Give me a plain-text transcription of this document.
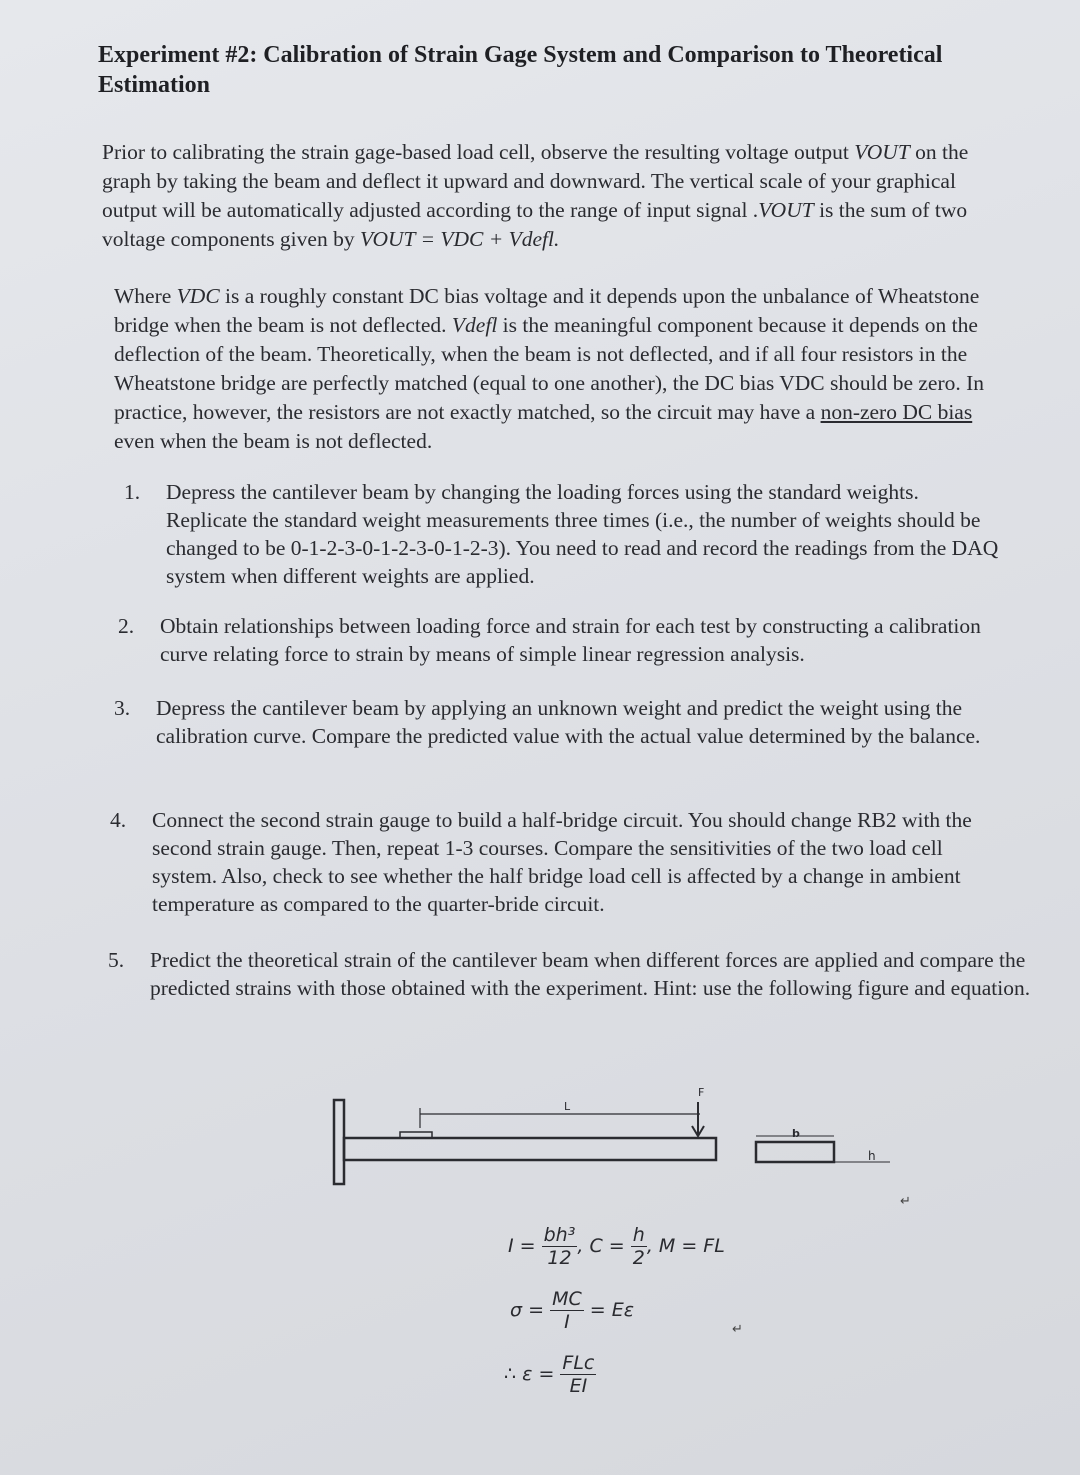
Experiment #2: Calibration of Strain Gage System and Comparison to Theoretical Estimation

Prior to calibrating the strain gage-based load cell, observe the resulting voltage output VOUT on the graph by taking the beam and deflect it upward and downward. The vertical scale of your graphical output will be automatically adjusted according to the range of input signal .VOUT is the sum of two voltage components given by VOUT = VDC + Vdefl.

Where VDC is a roughly constant DC bias voltage and it depends upon the unbalance of Wheatstone bridge when the beam is not deflected. Vdefl is the meaningful component because it depends on the deflection of the beam. Theoretically, when the beam is not deflected, and if all four resistors in the Wheatstone bridge are perfectly matched (equal to one another), the DC bias VDC should be zero. In practice, however, the resistors are not exactly matched, so the circuit may have a non-zero DC bias even when the beam is not deflected.

1.	Depress the cantilever beam by changing the loading forces using the standard weights. Replicate the standard weight measurements three times (i.e., the number of weights should be changed to be 0-1-2-3-0-1-2-3-0-1-2-3). You need to read and record the readings from the DAQ system when different weights are applied.
2.	Obtain relationships between loading force and strain for each test by constructing a calibration curve relating force to strain by means of simple linear regression analysis.
3.	Depress the cantilever beam by applying an unknown weight and predict the weight using the calibration curve. Compare the predicted value with the actual value determined by the balance.
4.	Connect the second strain gauge to build a half-bridge circuit. You should change RB2 with the second strain gauge. Then, repeat 1-3 courses. Compare the sensitivities of the two load cell system. Also, check to see whether the half bridge load cell is affected by a change in ambient temperature as compared to the quarter-bride circuit.
5.	Predict the theoretical strain of the cantilever beam when different forces are applied and compare the predicted strains with those obtained with the experiment. Hint: use the following figure and equation.
L
F
b
h
↵
↵
$I = \frac{\text{bh³}}{12}$ , $C = \frac{h}{2}$ , M = FL
$\sigma = \frac{MC}{I} = E\varepsilon$
∴ $\varepsilon = \frac{\text{FLc}}{EI}$
